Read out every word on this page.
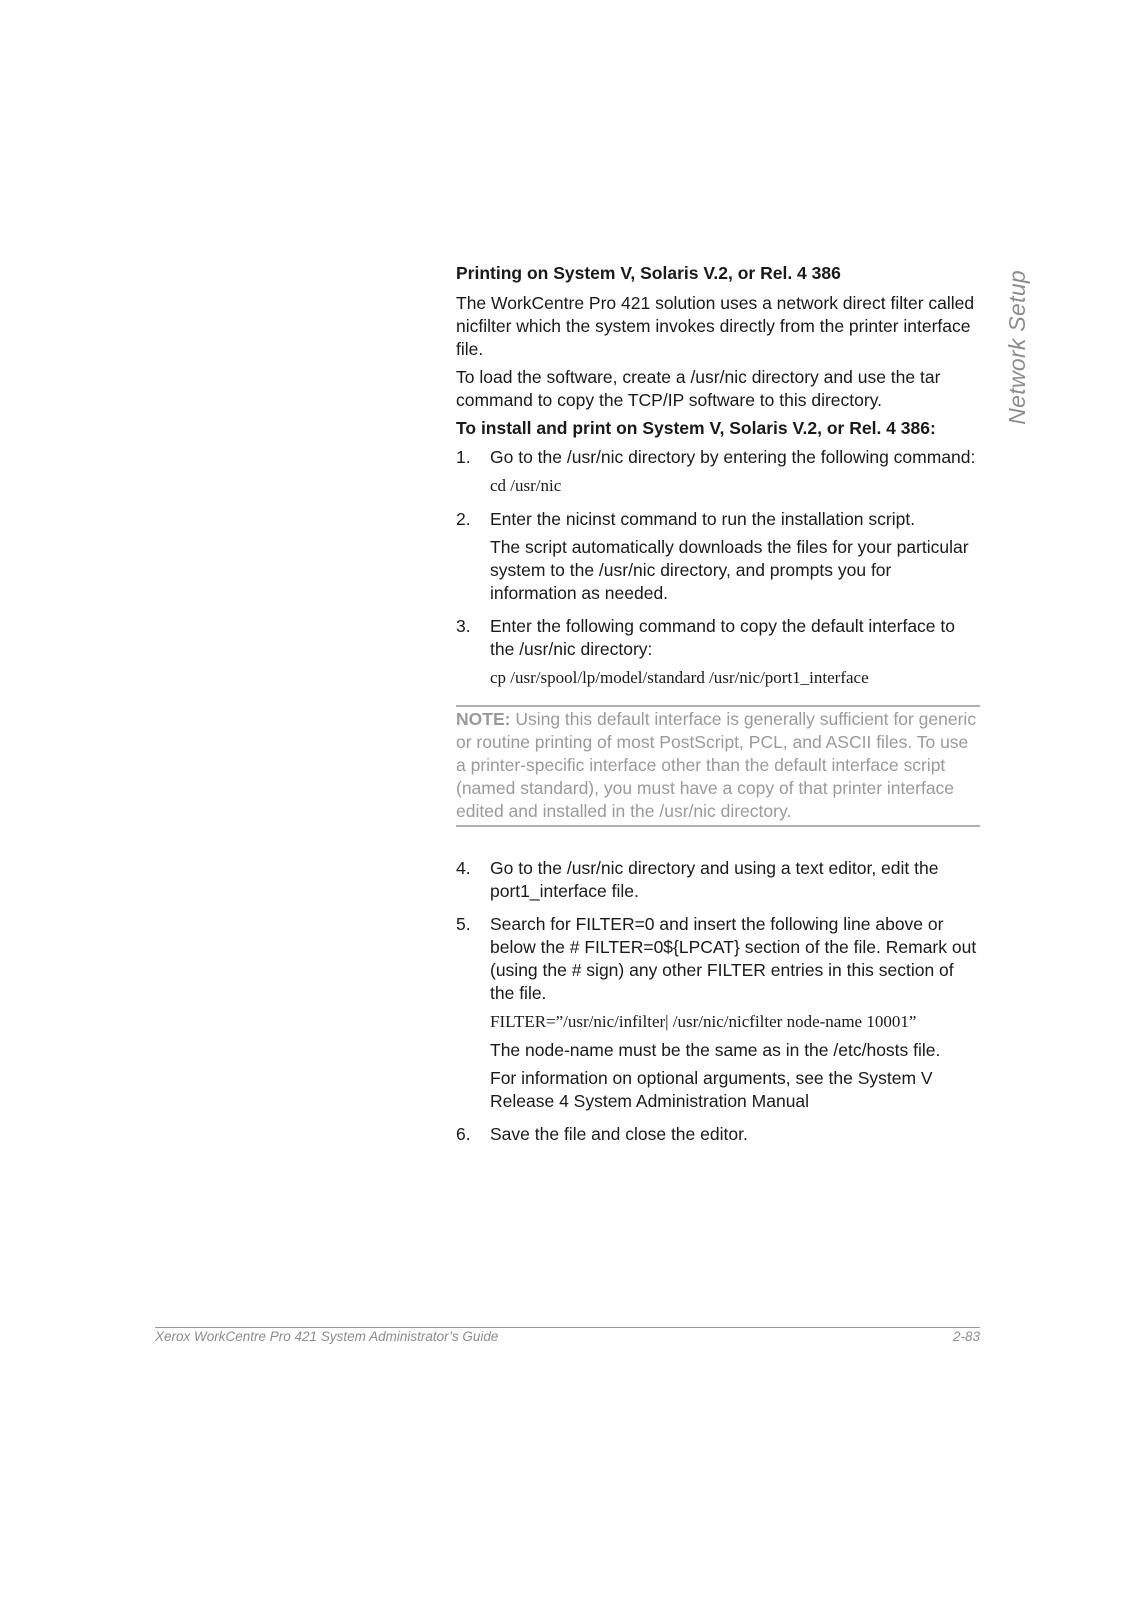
Network Setup
Printing on System V, Solaris V.2, or Rel. 4 386

The WorkCentre Pro 421 solution uses a network direct filter called nicfilter which the system invokes directly from the printer interface file.

To load the software, create a /usr/nic directory and use the tar command to copy the TCP/IP software to this directory.

To install and print on System V, Solaris V.2, or Rel. 4 386:
1.	Go to the /usr/nic directory by entering the following command:

cd /usr/nic
2.	Enter the nicinst command to run the installation script.

The script automatically downloads the files for your particular system to the /usr/nic directory, and prompts you for information as needed.

3.	Enter the following command to copy the default interface to the /usr/nic directory:

cp /usr/spool/lp/model/standard /usr/nic/port1_interface
NOTE: Using this default interface is generally sufficient for generic or routine printing of most PostScript, PCL, and ASCII files. To use a printer-specific interface other than the default interface script (named standard), you must have a copy of that printer interface edited and installed in the /usr/nic directory.
4.	Go to the /usr/nic directory and using a text editor, edit the port1_interface file.

5.	Search for FILTER=0 and insert the following line above or below the # FILTER=0${LPCAT} section of the file. Remark out (using the # sign) any other FILTER entries in this section of the file.

FILTER=”/usr/nic/infilter| /usr/nic/nicfilter node-name 10001”

The node-name must be the same as in the /etc/hosts file.

For information on optional arguments, see the System V Release 4 System Administration Manual

6.	Save the file and close the editor.

Xerox WorkCentre Pro 421 System Administrator’s Guide	2-83
